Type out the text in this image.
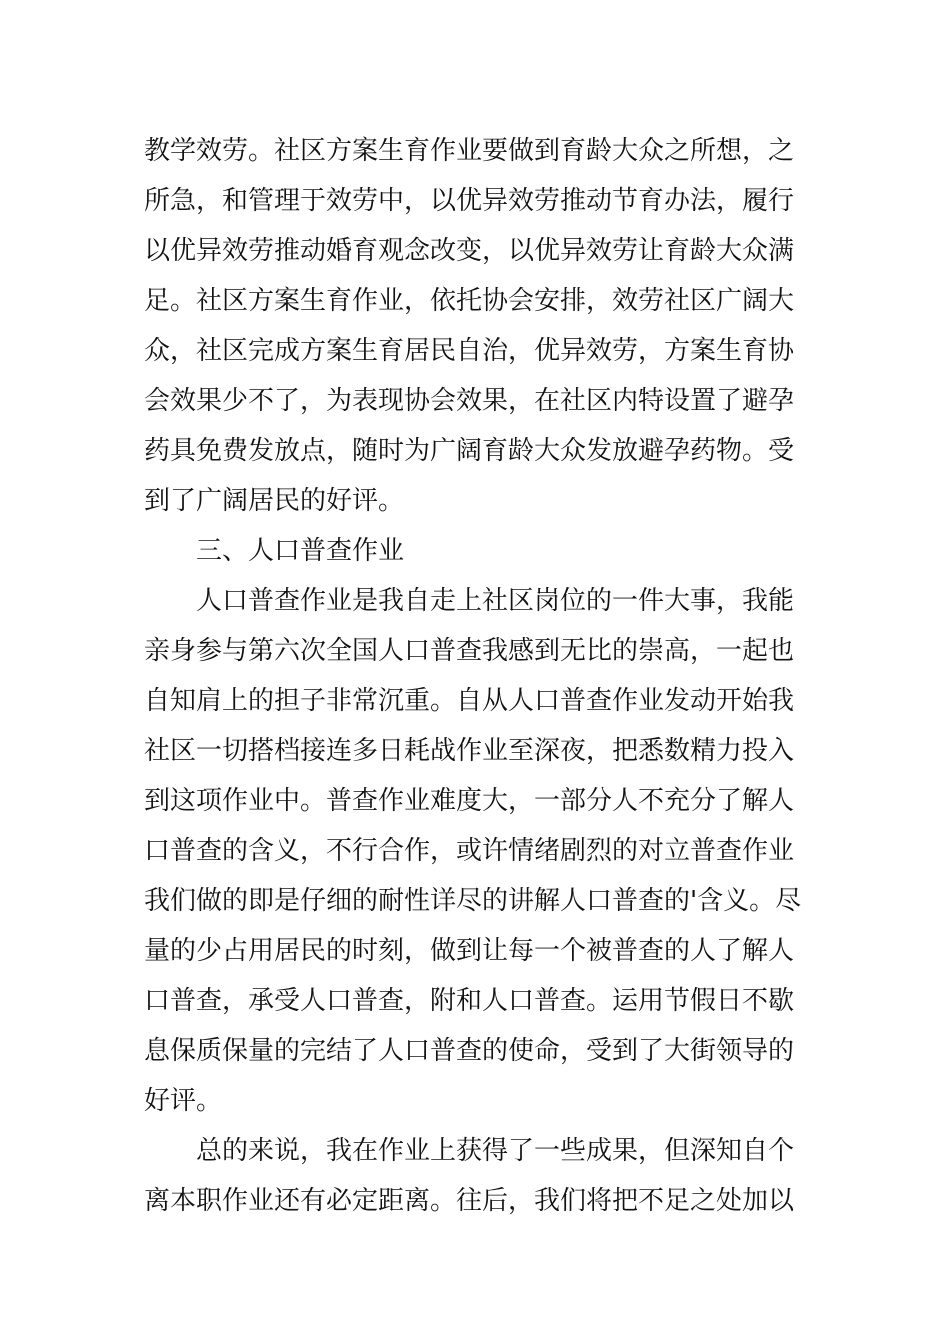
教学效劳。社区方案生育作业要做到育龄大众之所想，之
所急，和管理于效劳中，以优异效劳推动节育办法，履行
以优异效劳推动婚育观念改变，以优异效劳让育龄大众满
足。社区方案生育作业，依托协会安排，效劳社区广阔大
众，社区完成方案生育居民自治，优异效劳，方案生育协
会效果少不了，为表现协会效果，在社区内特设置了避孕
药具免费发放点，随时为广阔育龄大众发放避孕药物。受
到了广阔居民的好评。
三、人口普查作业
人口普查作业是我自走上社区岗位的一件大事，我能
亲身参与第六次全国人口普查我感到无比的崇高，一起也
自知肩上的担子非常沉重。自从人口普查作业发动开始我
社区一切搭档接连多日耗战作业至深夜，把悉数精力投入
到这项作业中。普查作业难度大，一部分人不充分了解人
口普查的含义，不行合作，或许情绪剧烈的对立普查作业
我们做的即是仔细的耐性详尽的讲解人口普查的'含义。尽
量的少占用居民的时刻，做到让每一个被普查的人了解人
口普查，承受人口普查，附和人口普查。运用节假日不歇
息保质保量的完结了人口普查的使命，受到了大街领导的
好评。
总的来说，我在作业上获得了一些成果，但深知自个
离本职作业还有必定距离。往后，我们将把不足之处加以
